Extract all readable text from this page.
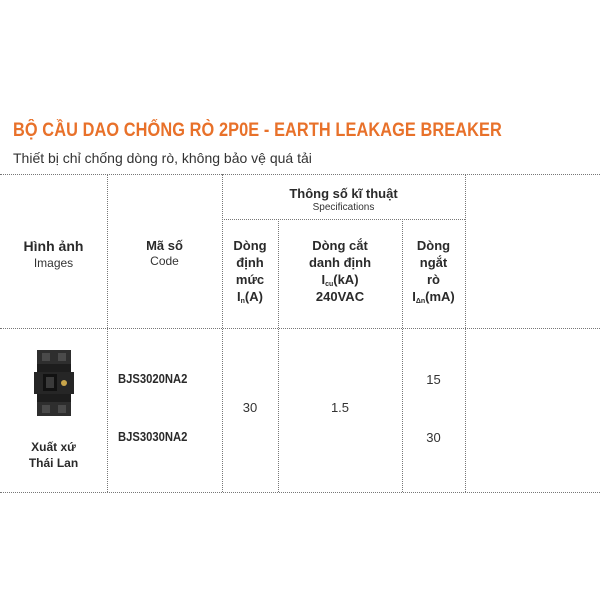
BỘ CẦU DAO CHỐNG RÒ 2P0E - EARTH LEAKAGE BREAKER
Thiết bị chỉ chống dòng rò, không bảo vệ quá tải
Hình ảnh
Images
Mã số
Code
Thông số kĩ thuật
Specifications
Dòng
định
mức
$I_n(A)$
Dòng cắt
danh định
$I_{cu}(kA)$
240VAC
Dòng
ngắt
rò
$I_{\Delta n}(mA)$
Xuất xứ
Thái Lan
BJS3020NA2
BJS3030NA2
30	1.5
15
30
